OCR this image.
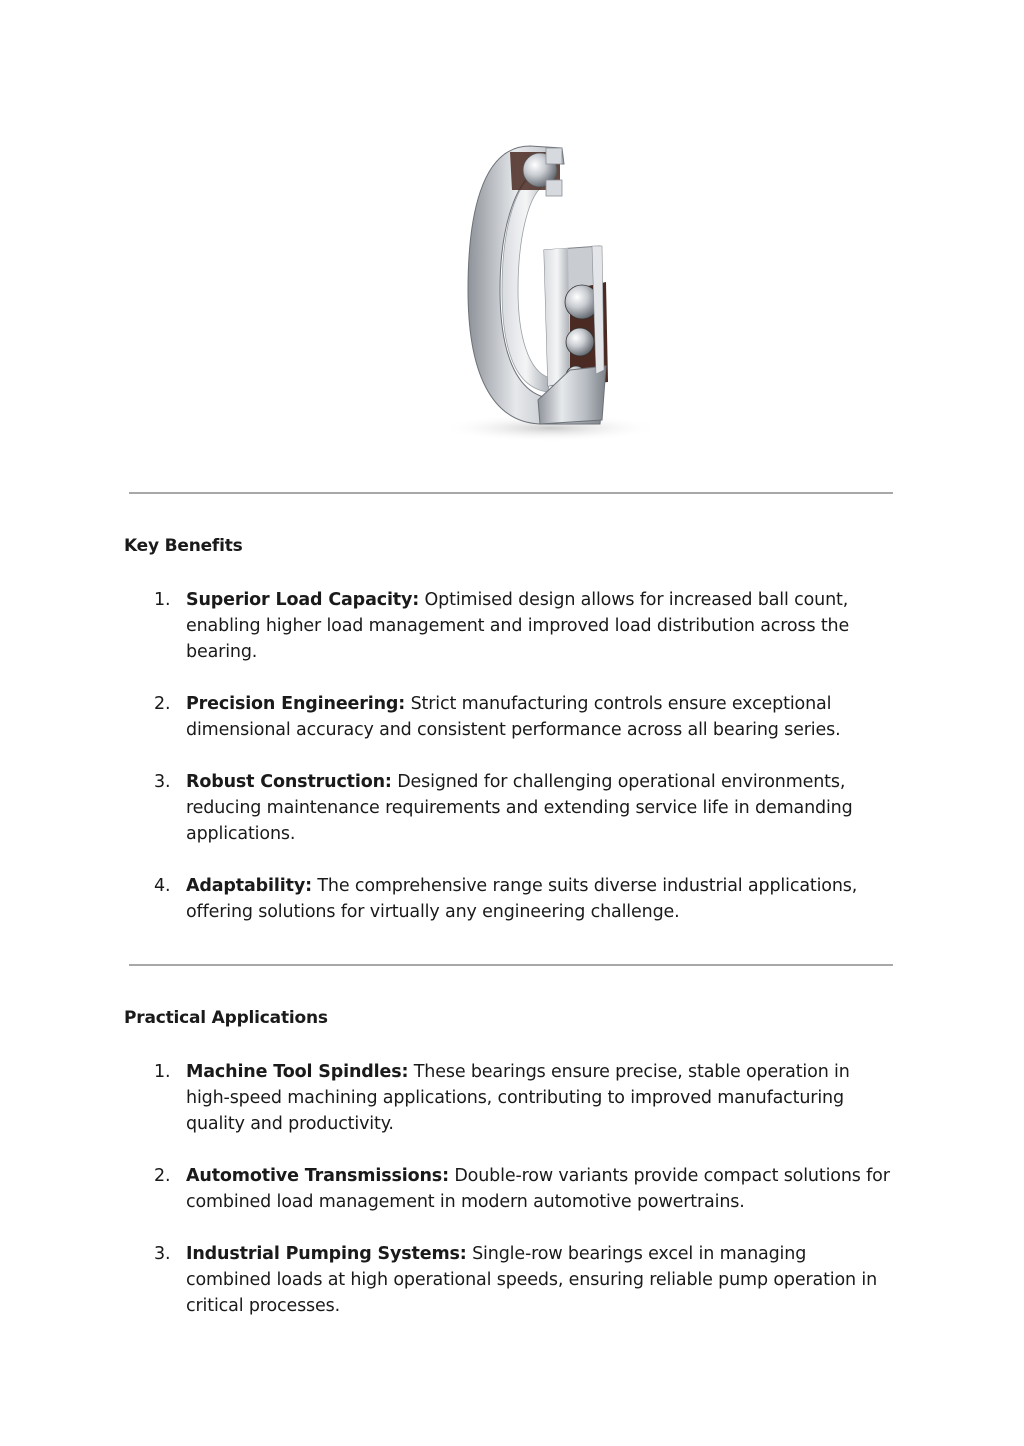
Key Benefits
1. Superior Load Capacity: Optimised design allows for increased ball count, enabling higher load management and improved load distribution across the bearing.
2. Precision Engineering: Strict manufacturing controls ensure exceptional dimensional accuracy and consistent performance across all bearing series.
3. Robust Construction: Designed for challenging operational environments, reducing maintenance requirements and extending service life in demanding applications.
4. Adaptability: The comprehensive range suits diverse industrial applications, offering solutions for virtually any engineering challenge.
Practical Applications
1. Machine Tool Spindles: These bearings ensure precise, stable operation in high-speed machining applications, contributing to improved manufacturing quality and productivity.
2. Automotive Transmissions: Double-row variants provide compact solutions for combined load management in modern automotive powertrains.
3. Industrial Pumping Systems: Single-row bearings excel in managing combined loads at high operational speeds, ensuring reliable pump operation in critical processes.
